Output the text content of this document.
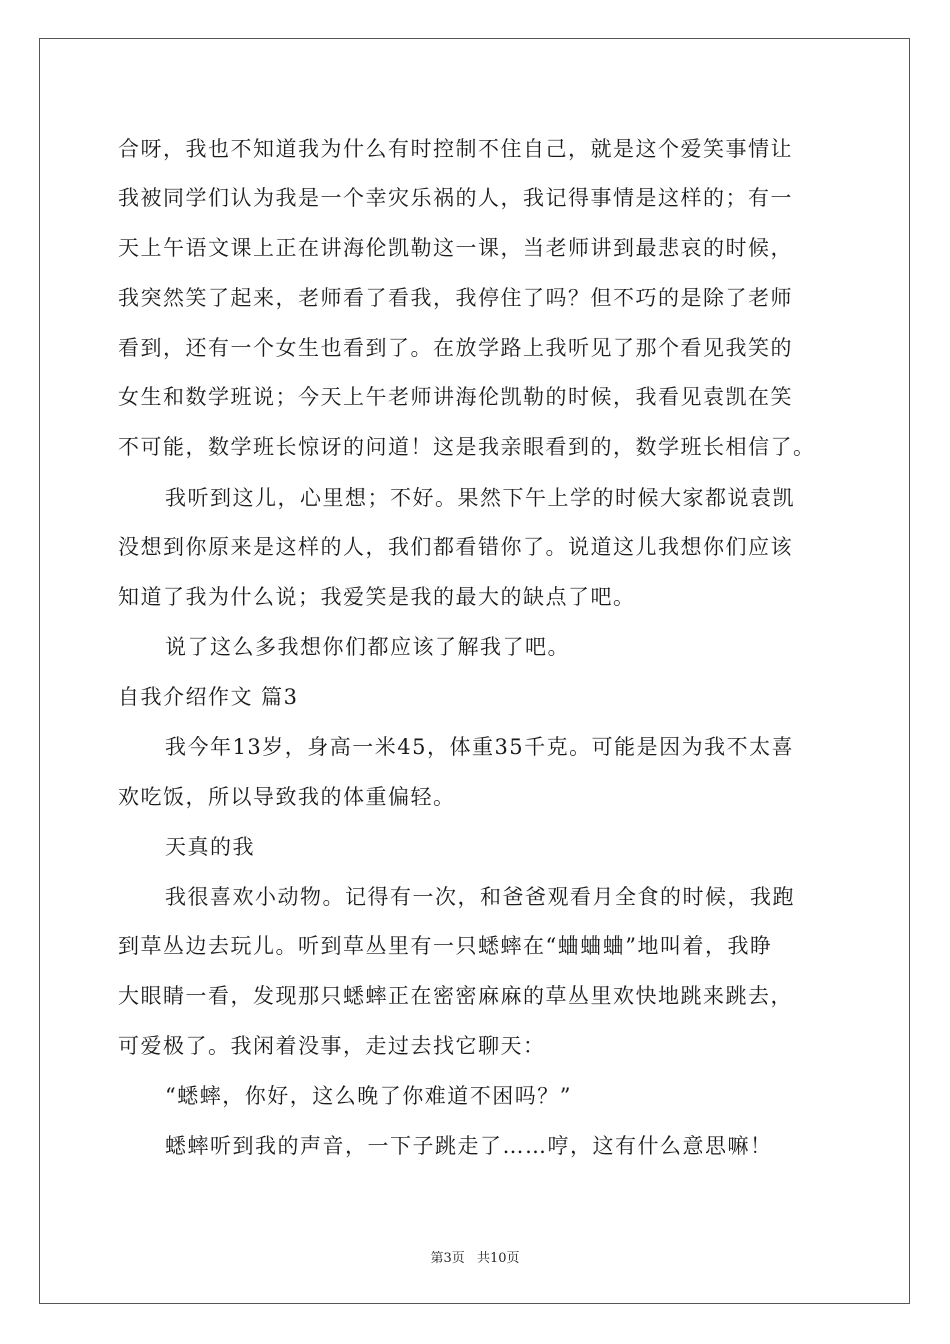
合呀，我也不知道我为什么有时控制不住自己，就是这个爱笑事情让
我被同学们认为我是一个幸灾乐祸的人，我记得事情是这样的；有一
天上午语文课上正在讲海伦凯勒这一课，当老师讲到最悲哀的时候，
我突然笑了起来，老师看了看我，我停住了吗？但不巧的是除了老师
看到，还有一个女生也看到了。在放学路上我听见了那个看见我笑的
女生和数学班说；今天上午老师讲海伦凯勒的时候，我看见袁凯在笑
不可能，数学班长惊讶的问道！这是我亲眼看到的，数学班长相信了。
我听到这儿，心里想；不好。果然下午上学的时候大家都说袁凯
没想到你原来是这样的人，我们都看错你了。说道这儿我想你们应该
知道了我为什么说；我爱笑是我的最大的缺点了吧。
说了这么多我想你们都应该了解我了吧。
自我介绍作文 篇3
我今年13岁，身高一米45，体重35千克。可能是因为我不太喜
欢吃饭，所以导致我的体重偏轻。
天真的我
我很喜欢小动物。记得有一次，和爸爸观看月全食的时候，我跑
到草丛边去玩儿。听到草丛里有一只蟋蟀在“蛐蛐蛐”地叫着，我睁
大眼睛一看，发现那只蟋蟀正在密密麻麻的草丛里欢快地跳来跳去，
可爱极了。我闲着没事，走过去找它聊天：
“蟋蟀，你好，这么晚了你难道不困吗？”
蟋蟀听到我的声音，一下子跳走了……哼，这有什么意思嘛！
第3页 共10页
